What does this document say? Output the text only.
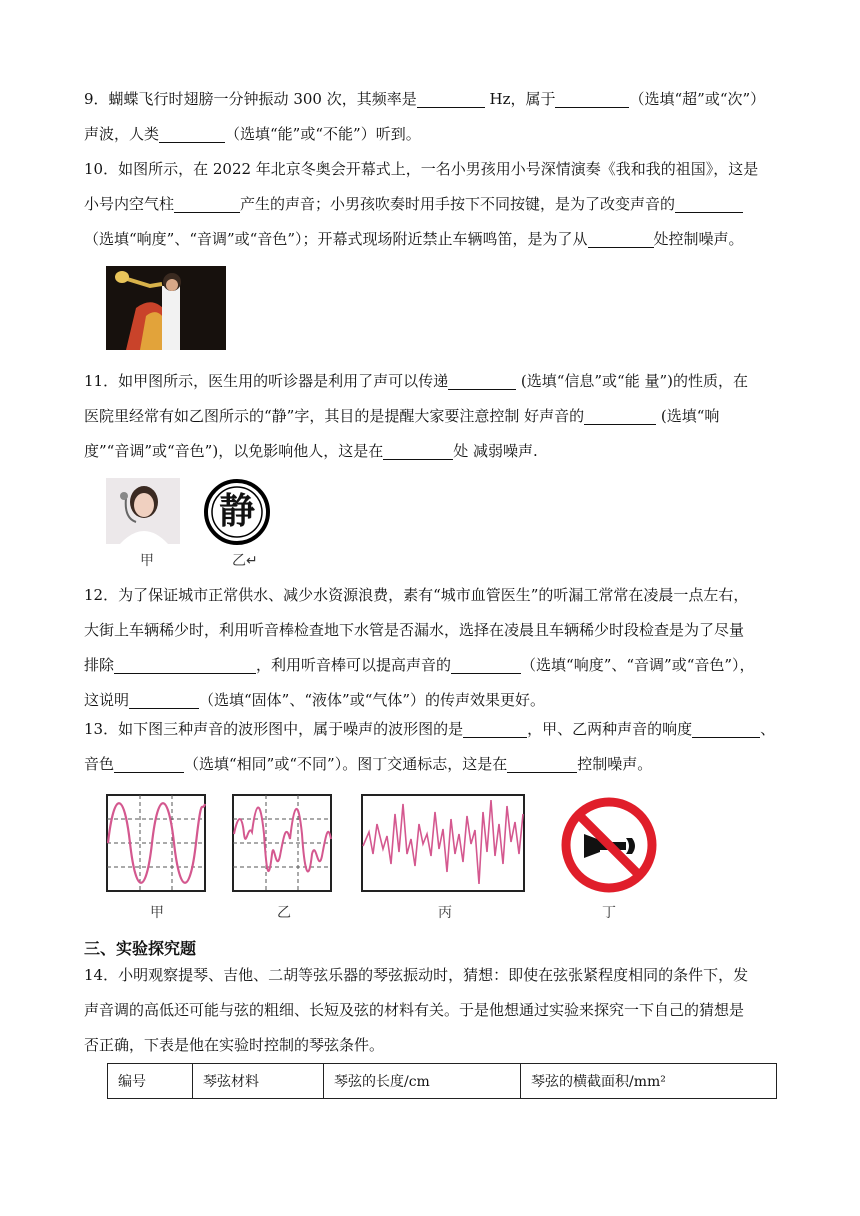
9．蝴蝶飞行时翅膀一分钟振动 300 次，其频率是	Hz，属于	（选填“超”或“次”）
声波，人类	（选填“能”或“不能”）听到。
10．如图所示，在 2022 年北京冬奥会开幕式上，一名小男孩用小号深情演奏《我和我的祖国》，这是
小号内空气柱	产生的声音；小男孩吹奏时用手按下不同按键，是为了改变声音的
（选填“响度”、“音调”或“音色”）；开幕式现场附近禁止车辆鸣笛，是为了从	处控制噪声。
11．如甲图所示，医生用的听诊器是利用了声可以传递	(选填“信息”或“能 量”)的性质，在
医院里经常有如乙图所示的“静”字，其目的是提醒大家要注意控制 好声音的	(选填“响
度”“音调”或“音色”)，以免影响他人，这是在	处 减弱噪声.
甲
静
乙↵
12．为了保证城市正常供水、减少水资源浪费，素有“城市血管医生”的听漏工常常在凌晨一点左右，
大街上车辆稀少时，利用听音棒检查地下水管是否漏水，选择在凌晨且车辆稀少时段检查是为了尽量
排除	，利用听音棒可以提高声音的	（选填“响度”、“音调”或“音色”），
这说明	（选填“固体”、“液体”或“气体”）的传声效果更好。
13．如下图三种声音的波形图中，属于噪声的波形图的是	，甲、乙两种声音的响度	、
音色	（选填“相同”或“不同”）。图丁交通标志，这是在	控制噪声。
甲	乙	丙	丁
三、实验探究题
14．小明观察提琴、吉他、二胡等弦乐器的琴弦振动时，猜想：即使在弦张紧程度相同的条件下，发
声音调的高低还可能与弦的粗细、长短及弦的材料有关。于是他想通过实验来探究一下自己的猜想是
否正确，下表是他在实验时控制的琴弦条件。
编号	琴弦材料	琴弦的长度/cm	琴弦的横截面积/mm²
